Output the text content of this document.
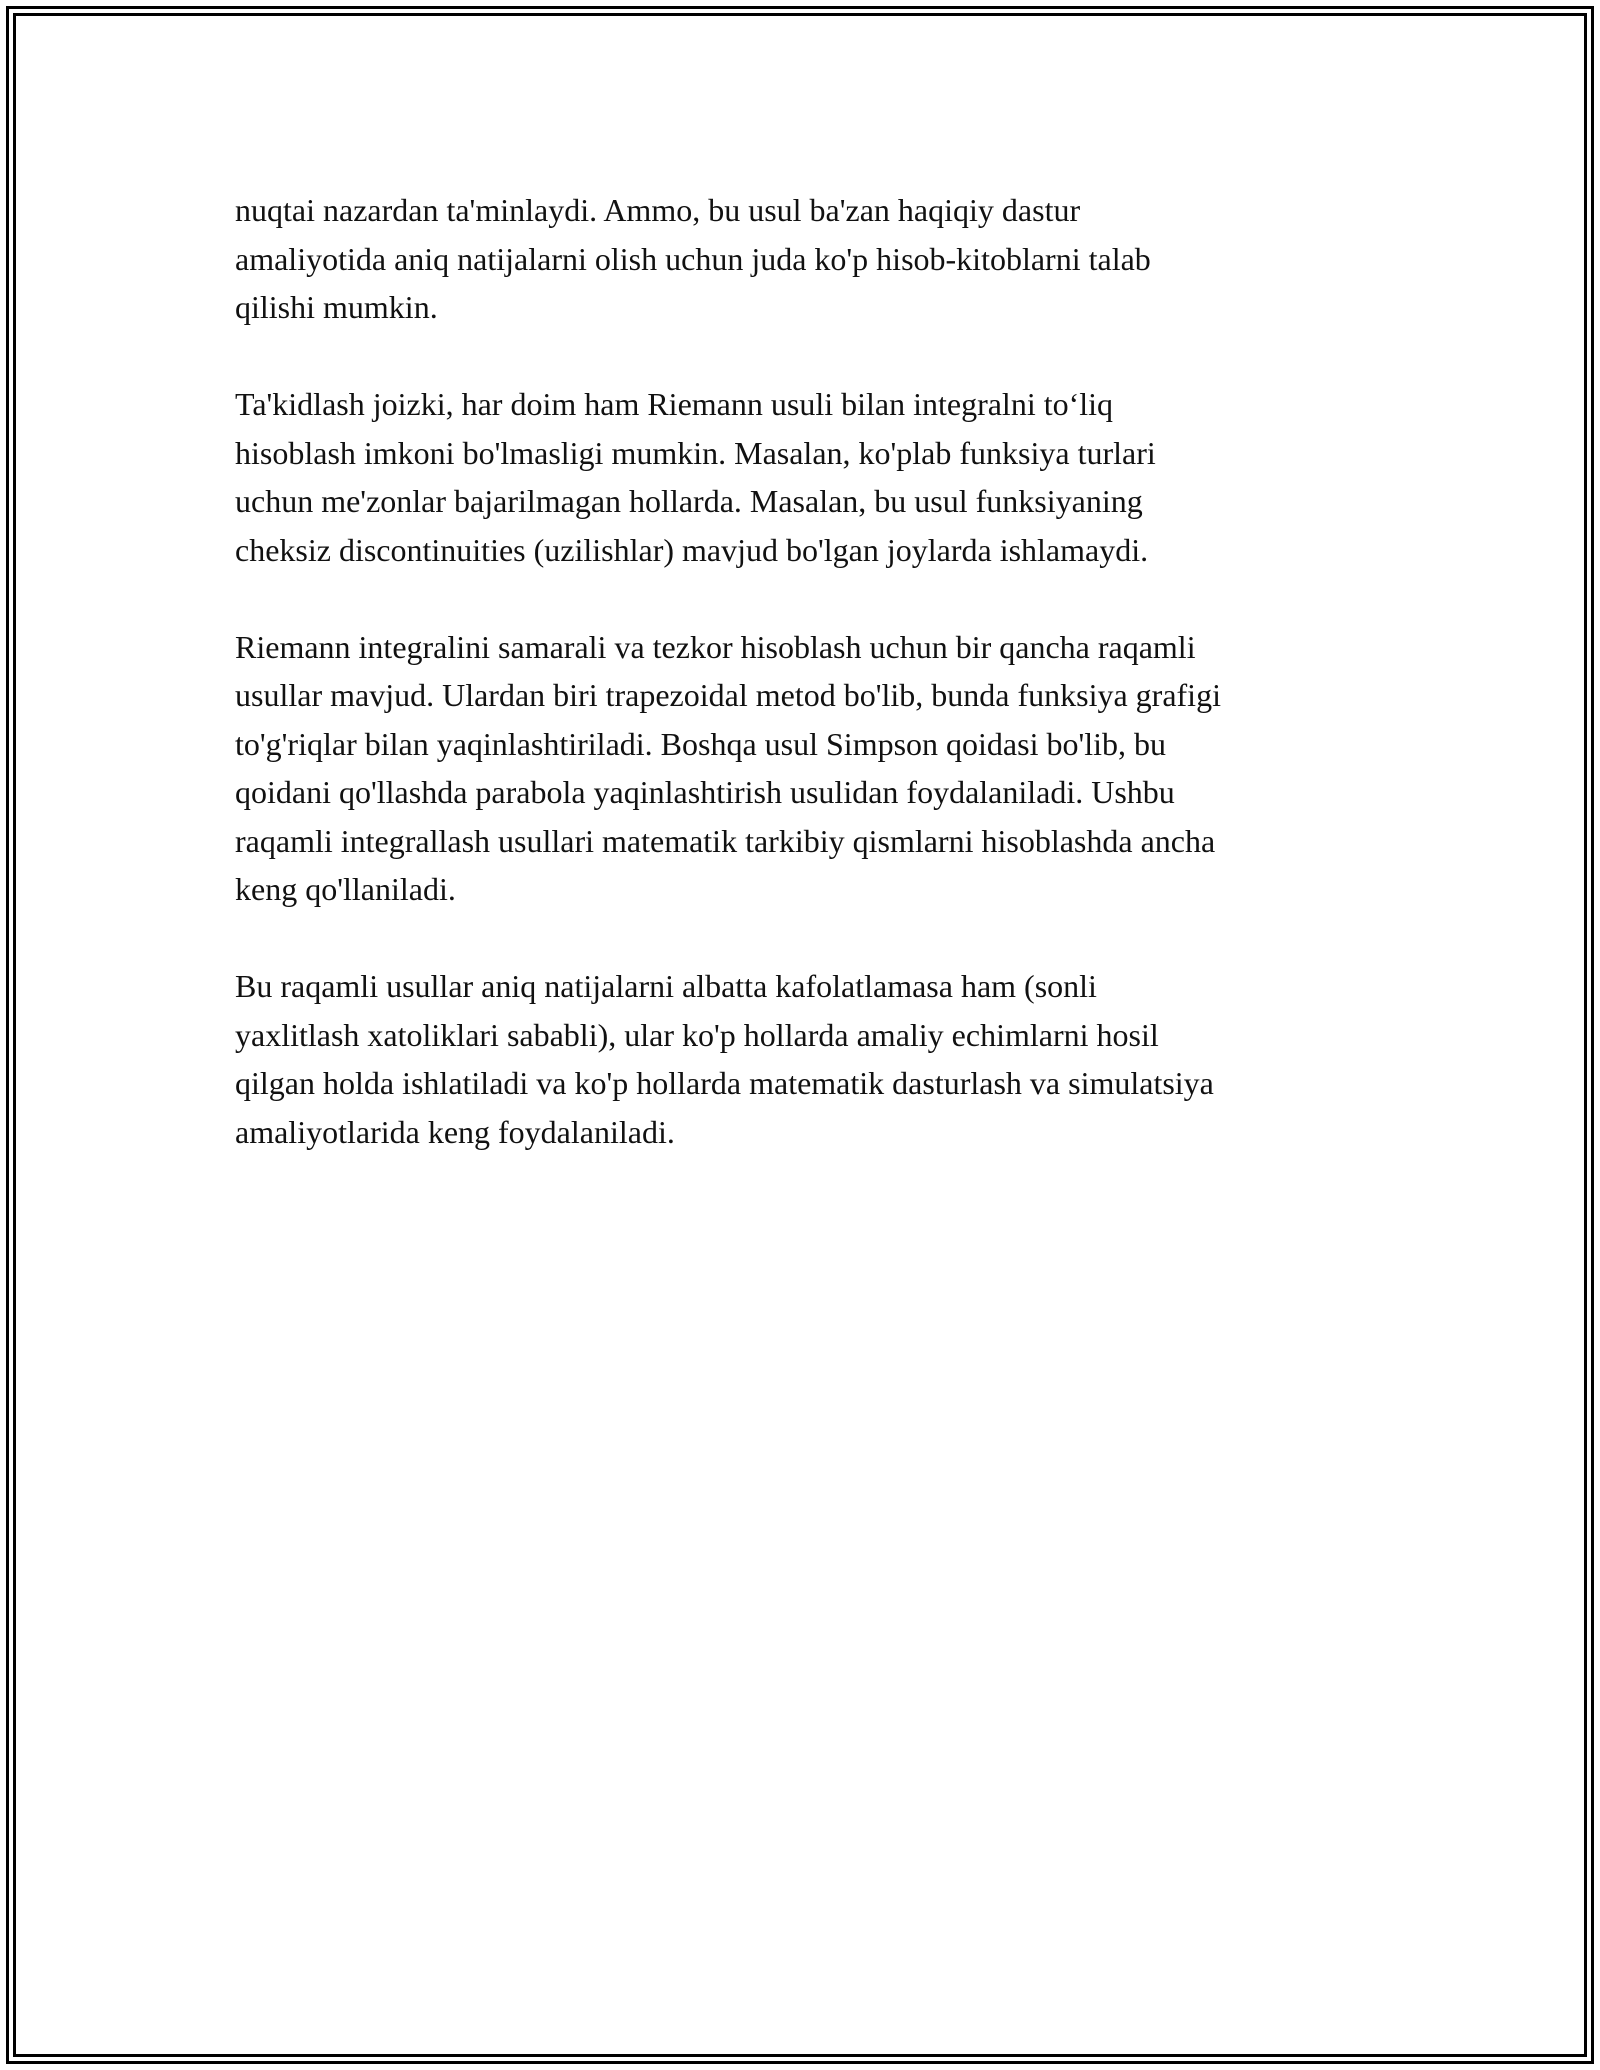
nuqtai nazardan ta'minlaydi. Ammo, bu usul ba'zan haqiqiy dastur
amaliyotida aniq natijalarni olish uchun juda ko'p hisob-kitoblarni talab
qilishi mumkin.

Ta'kidlash joizki, har doim ham Riemann usuli bilan integralni to‘liq
hisoblash imkoni bo'lmasligi mumkin. Masalan, ko'plab funksiya turlari
uchun me'zonlar bajarilmagan hollarda. Masalan, bu usul funksiyaning
cheksiz discontinuities (uzilishlar) mavjud bo'lgan joylarda ishlamaydi.

Riemann integralini samarali va tezkor hisoblash uchun bir qancha raqamli
usullar mavjud. Ulardan biri trapezoidal metod bo'lib, bunda funksiya grafigi
to'g'riqlar bilan yaqinlashtiriladi. Boshqa usul Simpson qoidasi bo'lib, bu
qoidani qo'llashda parabola yaqinlashtirish usulidan foydalaniladi. Ushbu
raqamli integrallash usullari matematik tarkibiy qismlarni hisoblashda ancha
keng qo'llaniladi.

Bu raqamli usullar aniq natijalarni albatta kafolatlamasa ham (sonli
yaxlitlash xatoliklari sababli), ular ko'p hollarda amaliy echimlarni hosil
qilgan holda ishlatiladi va ko'p hollarda matematik dasturlash va simulatsiya
amaliyotlarida keng foydalaniladi.
